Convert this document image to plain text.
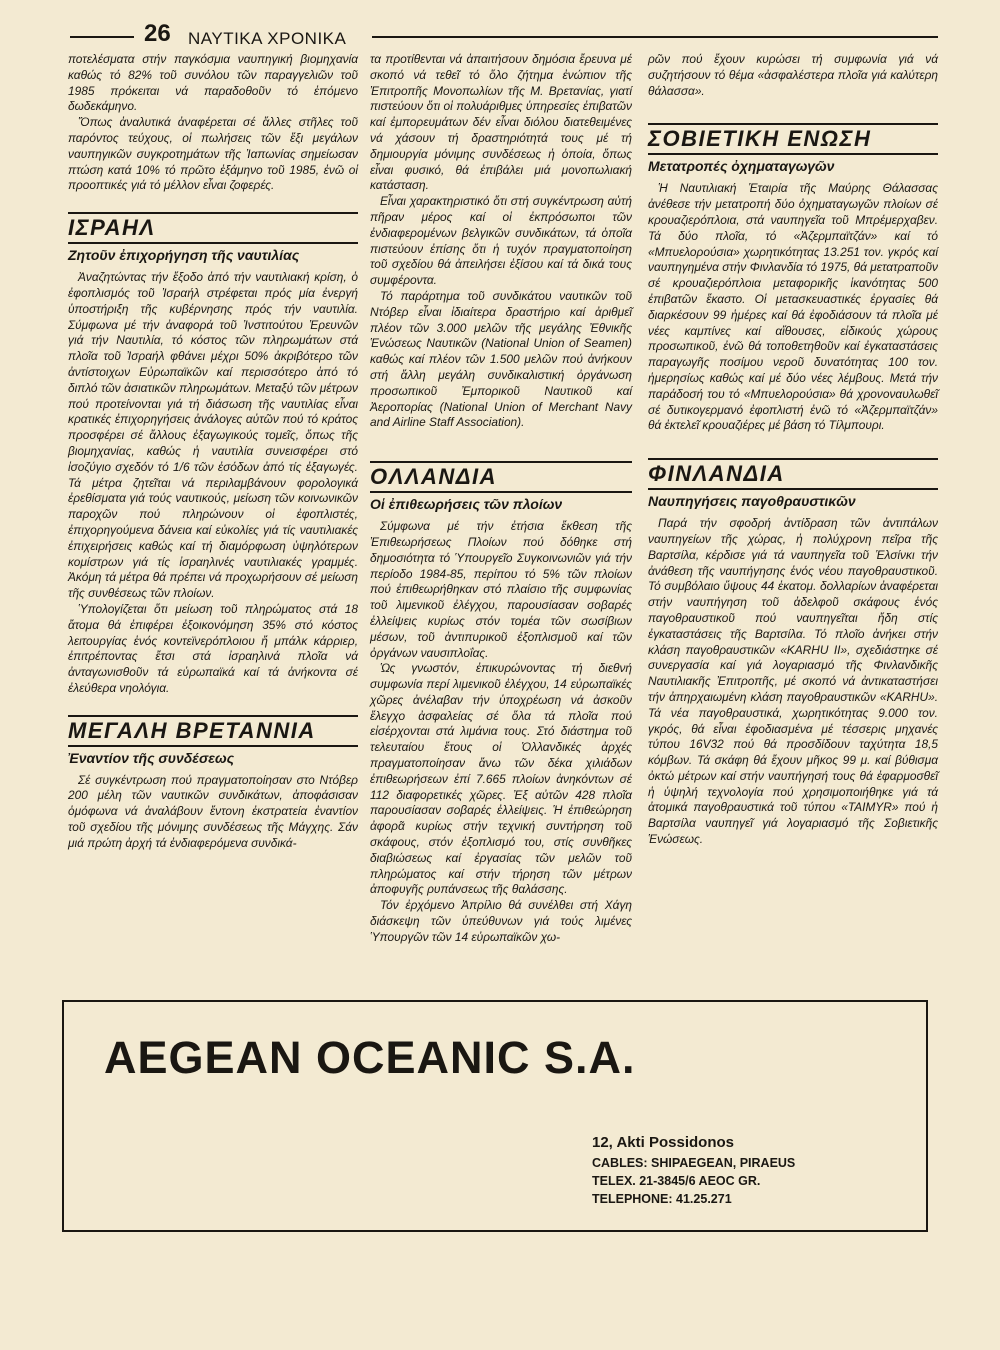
26 ΝΑΥΤΙΚΑ ΧΡΟΝΙΚΑ

ποτελέσματα στήν παγκόσμια ναυπηγική βιομηχανία καθώς τό 82% τοῦ συνόλου τῶν παραγγελιῶν τοῦ 1985 πρόκειται νά παραδοθοῦν τό ἑπόμενο δωδεκάμηνο.

Ὅπως ἀναλυτικά ἀναφέρεται σέ ἄλλες στῆλες τοῦ παρόντος τεύχους, οἱ πωλήσεις τῶν ἕξι μεγάλων ναυπηγικῶν συγκροτημάτων τῆς Ἰαπωνίας σημείωσαν πτώση κατά 10% τό πρῶτο ἑξάμηνο τοῦ 1985, ἐνῶ οἱ προοπτικές γιά τό μέλλον εἶναι ζοφερές.

ΙΣΡΑΗΛ
Ζητοῦν ἐπιχορήγηση τῆς ναυτιλίας

Ἀναζητώντας τήν ἔξοδο ἀπό τήν ναυτιλιακή κρίση, ὁ ἐφοπλισμός τοῦ Ἰσραήλ στρέφεται πρός μία ἐνεργή ὑποστήριξη τῆς κυβέρνησης πρός τήν ναυτιλία. Σύμφωνα μέ τήν ἀναφορά τοῦ Ἰνστιτούτου Ἐρευνῶν γιά τήν Ναυτιλία, τό κόστος τῶν πληρωμάτων στά πλοῖα τοῦ Ἰσραήλ φθάνει μέχρι 50% ἀκριβότερο τῶν ἀντίστοιχων Εὐρωπαϊκῶν καί περισσότερο ἀπό τό διπλό τῶν ἀσιατικῶν πληρωμάτων. Μεταξύ τῶν μέτρων πού προτείνονται γιά τή διάσωση τῆς ναυτιλίας εἶναι κρατικές ἐπιχορηγήσεις ἀνάλογες αὐτῶν πού τό κράτος προσφέρει σέ ἄλλους ἐξαγωγικούς τομεῖς, ὅπως τῆς βιομηχανίας, καθώς ἡ ναυτιλία συνεισφέρει στό ἰσοζύγιο σχεδόν τό 1/6 τῶν ἐσόδων ἀπό τίς ἐξαγωγές. Τά μέτρα ζητεῖται νά περιλαμβάνουν φορολογικά ἐρεθίσματα γιά τούς ναυτικούς, μείωση τῶν κοινωνικῶν παροχῶν πού πληρώνουν οἱ ἐφοπλιστές, ἐπιχορηγούμενα δάνεια καί εὐκολίες γιά τίς ναυτιλιακές ἐπιχειρήσεις καθώς καί τή διαμόρφωση ὑψηλότερων κομίστρων γιά τίς ἰσραηλινές ναυτιλιακές γραμμές. Ἀκόμη τά μέτρα θά πρέπει νά προχωρήσουν σέ μείωση τῆς συνθέσεως τῶν πλοίων.

Ὑπολογίζεται ὅτι μείωση τοῦ πληρώματος στά 18 ἄτομα θά ἐπιφέρει ἐξοικονόμηση 35% στό κόστος λειτουργίας ἑνός κοντεϊνερόπλοιου ἤ μπάλκ κάρριερ, ἐπιτρέποντας ἔτσι στά ἰσραηλινά πλοῖα νά ἀνταγωνισθοῦν τά εὐρωπαϊκά καί τά ἀνήκοντα σέ ἐλεύθερα νηολόγια.

ΜΕΓΑΛΗ ΒΡΕΤΑΝΝΙΑ
Ἐναντίον τῆς συνδέσεως

Σέ συγκέντρωση πού πραγματοποίησαν στο Ντόβερ 200 μέλη τῶν ναυτικῶν συνδικάτων, ἀποφάσισαν ὁμόφωνα νά ἀναλάβουν ἔντονη ἐκστρατεία ἐναντίον τοῦ σχεδίου τῆς μόνιμης συνδέσεως τῆς Μάγχης. Σάν μιά πρώτη ἀρχή τά ἐνδιαφερόμενα συνδικά-

τα προτίθενται νά ἀπαιτήσουν δημόσια ἔρευνα μέ σκοπό νά τεθεῖ τό ὅλο ζήτημα ἐνώπιον τῆς Ἐπιτροπῆς Μονοπωλίων τῆς Μ. Βρετανίας, γιατί πιστεύουν ὅτι οἱ πολυάριθμες ὑπηρεσίες ἐπιβατῶν καί ἐμπορευμάτων δέν εἶναι διόλου διατεθειμένες νά χάσουν τή δραστηριότητά τους μέ τή δημιουργία μόνιμης συνδέσεως ἡ ὁποία, ὅπως εἶναι φυσικό, θά ἐπιβάλει μιά μονοπωλιακή κατάσταση.

Εἶναι χαρακτηριστικό ὅτι στή συγκέντρωση αὐτή πῆραν μέρος καί οἱ ἐκπρόσωποι τῶν ἐνδιαφερομένων βελγικῶν συνδικάτων, τά ὁποῖα πιστεύουν ἐπίσης ὅτι ἡ τυχόν πραγματοποίηση τοῦ σχεδίου θά ἀπειλήσει ἐξίσου καί τά δικά τους συμφέροντα.

Τό παράρτημα τοῦ συνδικάτου ναυτικῶν τοῦ Ντόβερ εἶναι ἰδιαίτερα δραστήριο καί ἀριθμεῖ πλέον τῶν 3.000 μελῶν τῆς μεγάλης Ἐθνικῆς Ἑνώσεως Ναυτικῶν (National Union of Seamen) καθώς καί πλέον τῶν 1.500 μελῶν πού ἀνήκουν στή ἄλλη μεγάλη συνδικαλιστική ὀργάνωση προσωπικοῦ Ἐμπορικοῦ Ναυτικοῦ καί Ἀεροπορίας (National Union of Merchant Navy and Airline Staff Association).

ΟΛΛΑΝΔΙΑ
Οἱ ἐπιθεωρήσεις τῶν πλοίων

Σύμφωνα μέ τήν ἐτήσια ἔκθεση τῆς Ἐπιθεωρήσεως Πλοίων πού δόθηκε στή δημοσιότητα τό Ὑπουργεῖο Συγκοινωνιῶν γιά τήν περίοδο 1984-85, περίπου τό 5% τῶν πλοίων πού ἐπιθεωρήθηκαν στό πλαίσιο τῆς συμφωνίας τοῦ λιμενικοῦ ἐλέγχου, παρουσίασαν σοβαρές ἐλλείψεις κυρίως στόν τομέα τῶν σωσίβιων μέσων, τοῦ ἀντιπυρικοῦ ἐξοπλισμοῦ καί τῶν ὀργάνων ναυσιπλοΐας.

Ὡς γνωστόν, ἐπικυρώνοντας τή διεθνή συμφωνία περί λιμενικοῦ ἐλέγχου, 14 εὐρωπαϊκές χῶρες ἀνέλαβαν τήν ὑποχρέωση νά ἀσκοῦν ἔλεγχο ἀσφαλείας σέ ὅλα τά πλοῖα πού εἰσέρχονται στά λιμάνια τους. Στό διάστημα τοῦ τελευταίου ἔτους οἱ Ὁλλανδικές ἀρχές πραγματοποίησαν ἄνω τῶν δέκα χιλιάδων ἐπιθεωρήσεων ἐπί 7.665 πλοίων ἀνηκόντων σέ 112 διαφορετικές χῶρες. Ἐξ αὐτῶν 428 πλοῖα παρουσίασαν σοβαρές ἐλλείψεις. Ἡ ἐπιθεώρηση ἀφορᾶ κυρίως στήν τεχνική συντήρηση τοῦ σκάφους, στόν ἐξοπλισμό του, στίς συνθῆκες διαβιώσεως καί ἐργασίας τῶν μελῶν τοῦ πληρώματος καί στήν τήρηση τῶν μέτρων ἀποφυγῆς ρυπάνσεως τῆς θαλάσσης.

Τόν ἐρχόμενο Ἀπρίλιο θά συνέλθει στή Χάγη διάσκεψη τῶν ὑπεύθυνων γιά τούς λιμένες Ὑπουργῶν τῶν 14 εὐρωπαϊκῶν χω-

ρῶν πού ἔχουν κυρώσει τή συμφωνία γιά νά συζητήσουν τό θέμα «ἀσφαλέστερα πλοῖα γιά καλύτερη θάλασσα».

ΣΟΒΙΕΤΙΚΗ ΕΝΩΣΗ
Μετατροπές ὀχηματαγωγῶν

Ἡ Ναυτιλιακή Ἑταιρία τῆς Μαύρης Θάλασσας ἀνέθεσε τήν μετατροπή δύο ὀχηματαγωγῶν πλοίων σέ κρουαζιερόπλοια, στά ναυπηγεῖα τοῦ Μπρέμερχαβεν. Τά δύο πλοῖα, τό «Ἀζερμπαϊτζάν» καί τό «Μπυελορούσια» χωρητικότητας 13.251 τον. γκρός καί ναυπηγημένα στήν Φινλανδία τό 1975, θά μετατραποῦν σέ κρουαζιερόπλοια μεταφορικῆς ἱκανότητας 500 ἐπιβατῶν ἕκαστο. Οἱ μετασκευαστικές ἐργασίες θά διαρκέσουν 99 ἡμέρες καί θά ἐφοδιάσουν τά πλοῖα μέ νέες καμπίνες καί αἴθουσες, εἰδικούς χώρους προσωπικοῦ, ἐνῶ θά τοποθετηθοῦν καί ἐγκαταστάσεις παραγωγῆς ποσίμου νεροῦ δυνατότητας 100 τον. ἡμερησίως καθώς καί μέ δύο νέες λέμβους. Μετά τήν παράδοσή του τό «Μπυελορούσια» θά χρονοναυλωθεῖ σέ δυτικογερμανό ἐφοπλιστή ἐνῶ τό «Ἀζερμπαϊτζάν» θά ἐκτελεῖ κρουαζιέρες μέ βάση τό Τίλμπουρι.

ΦΙΝΛΑΝΔΙΑ
Ναυπηγήσεις παγοθραυστικῶν

Παρά τήν σφοδρή ἀντίδραση τῶν ἀντιπάλων ναυπηγείων τῆς χώρας, ἡ πολύχρονη πεῖρα τῆς Βαρτσίλα, κέρδισε γιά τά ναυπηγεῖα τοῦ Ἑλσίνκι τήν ἀνάθεση τῆς ναυπήγησης ἑνός νέου παγοθραυστικοῦ. Τό συμβόλαιο ὕψους 44 ἑκατομ. δολλαρίων ἀναφέρεται στήν ναυπήγηση τοῦ ἀδελφοῦ σκάφους ἑνός παγοθραυστικοῦ πού ναυπηγεῖται ἤδη στίς ἐγκαταστάσεις τῆς Βαρτσίλα. Τό πλοῖο ἀνήκει στήν κλάση παγοθραυστικῶν «KARHU II», σχεδιάστηκε σέ συνεργασία καί γιά λογαριασμό τῆς Φινλανδικῆς Ναυτιλιακῆς Ἐπιτροπῆς, μέ σκοπό νά ἀντικαταστήσει τήν ἀπηρχαιωμένη κλάση παγοθραυστικῶν «KARHU». Τά νέα παγοθραυστικά, χωρητικότητας 9.000 τον. γκρός, θά εἶναι ἐφοδιασμένα μέ τέσσερις μηχανές τύπου 16V32 πού θά προσδίδουν ταχύτητα 18,5 κόμβων. Τά σκάφη θά ἔχουν μῆκος 99 μ. καί βύθισμα ὀκτώ μέτρων καί στήν ναυπήγησή τους θά ἐφαρμοσθεῖ ἡ ὑψηλή τεχνολογία πού χρησιμοποιήθηκε γιά τά ἀτομικά παγοθραυστικά τοῦ τύπου «TAIMYR» πού ἡ Βαρτσίλα ναυπηγεῖ γιά λογαριασμό τῆς Σοβιετικῆς Ἑνώσεως.

AEGEAN OCEANIC S.A.
12, Akti Possidonos
CABLES: SHIPAEGEAN, PIRAEUS
TELEX. 21-3845/6 AEOC GR.
TELEPHONE: 41.25.271
